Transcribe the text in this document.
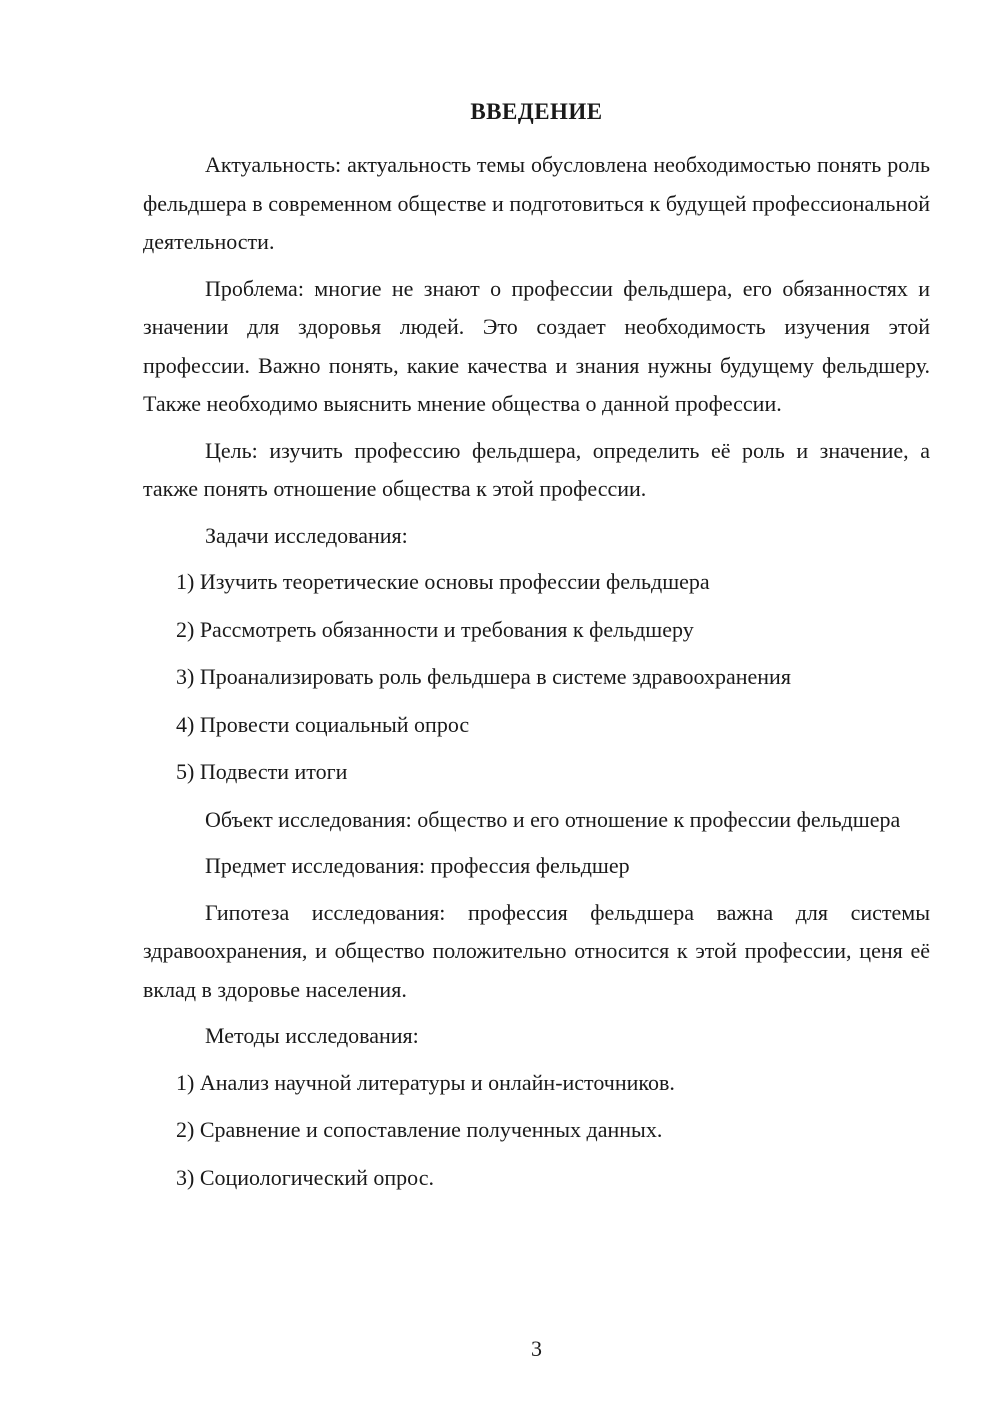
ВВЕДЕНИЕ

Актуальность: актуальность темы обусловлена необходимостью понять роль фельдшера в современном обществе и подготовиться к будущей профессиональной деятельности.

Проблема: многие не знают о профессии фельдшера, его обязанностях и значении для здоровья людей. Это создает необходимость изучения этой профессии. Важно понять, какие качества и знания нужны будущему фельдшеру. Также необходимо выяснить мнение общества о данной профессии.

Цель: изучить профессию фельдшера, определить её роль и значение, а также понять отношение общества к этой профессии.

Задачи исследования:

1) Изучить теоретические основы профессии фельдшера

2) Рассмотреть обязанности и требования к фельдшеру

3) Проанализировать роль фельдшера в системе здравоохранения

4) Провести социальный опрос

5) Подвести итоги

Объект исследования: общество и его отношение к профессии фельдшера

Предмет исследования: профессия фельдшер

Гипотеза исследования: профессия фельдшера важна для системы здравоохранения, и общество положительно относится к этой профессии, ценя её вклад в здоровье населения.

Методы исследования:

1) Анализ научной литературы и онлайн-источников.

2) Сравнение и сопоставление полученных данных.

3) Социологический опрос.

3
